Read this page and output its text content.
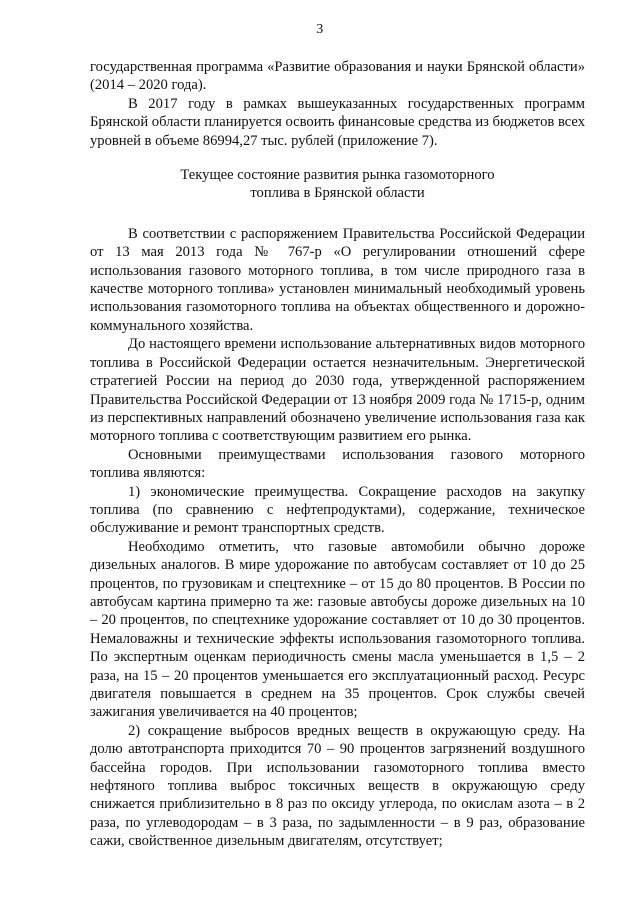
3

государственная программа «Развитие образования и науки Брянской области» (2014 – 2020 года).

В 2017 году в рамках вышеуказанных государственных программ Брянской области планируется освоить финансовые средства из бюджетов всех уровней в объеме 86994,27 тыс. рублей (приложение 7).

Текущее состояние развития рынка газомоторного
топлива в Брянской области

В соответствии с распоряжением Правительства Российской Федерации от 13 мая 2013 года № 767-р «О регулировании отношений сфере использования газового моторного топлива, в том числе природного газа в качестве моторного топлива» установлен минимальный необходимый уровень использования газомоторного топлива на объектах общественного и дорожно-коммунального хозяйства.

До настоящего времени использование альтернативных видов моторного топлива в Российской Федерации остается незначительным. Энергетической стратегией России на период до 2030 года, утвержденной распоряжением Правительства Российской Федерации от 13 ноября 2009 года № 1715-р, одним из перспективных направлений обозначено увеличение использования газа как моторного топлива с соответствующим развитием его рынка.

Основными преимуществами использования газового моторного топлива являются:

1) экономические преимущества. Сокращение расходов на закупку топлива (по сравнению с нефтепродуктами), содержание, техническое обслуживание и ремонт транспортных средств.

Необходимо отметить, что газовые автомобили обычно дороже дизельных аналогов. В мире удорожание по автобусам составляет от 10 до 25 процентов, по грузовикам и спецтехнике – от 15 до 80 процентов. В России по автобусам картина примерно та же: газовые автобусы дороже дизельных на 10 – 20 процентов, по спецтехнике удорожание составляет от 10 до 30 процентов. Немаловажны и технические эффекты использования газомоторного топлива. По экспертным оценкам периодичность смены масла уменьшается в 1,5 – 2 раза, на 15 – 20 процентов уменьшается его эксплуатационный расход. Ресурс двигателя повышается в среднем на 35 процентов. Срок службы свечей зажигания увеличивается на 40 процентов;

2) сокращение выбросов вредных веществ в окружающую среду. На долю автотранспорта приходится 70 – 90 процентов загрязнений воздушного бассейна городов. При использовании газомоторного топлива вместо нефтяного топлива выброс токсичных веществ в окружающую среду снижается приблизительно в 8 раз по оксиду углерода, по окислам азота – в 2 раза, по углеводородам – в 3 раза, по задымленности – в 9 раз, образование сажи, свойственное дизельным двигателям, отсутствует;
